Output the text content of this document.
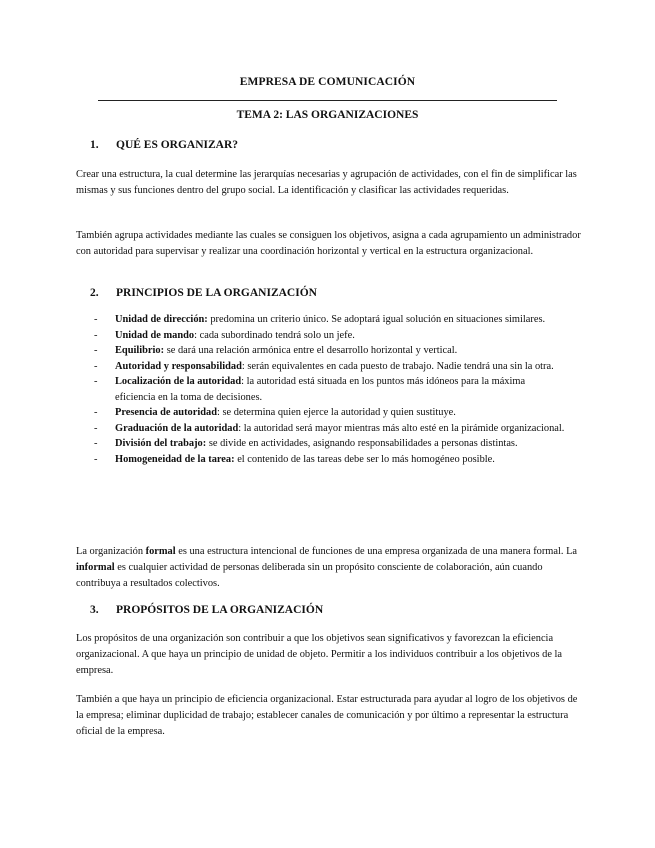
EMPRESA DE COMUNICACIÓN
TEMA 2: LAS ORGANIZACIONES
1. QUÉ ES ORGANIZAR?
Crear una estructura, la cual determine las jerarquías necesarias y agrupación de actividades, con el fin de simplificar las mismas y sus funciones dentro del grupo social. La identificación y clasificar las actividades requeridas.
También agrupa actividades mediante las cuales se consiguen los objetivos, asigna a cada agrupamiento un administrador con autoridad para supervisar y realizar una coordinación horizontal y vertical en la estructura organizacional.
2. PRINCIPIOS DE LA ORGANIZACIÓN
- Unidad de dirección: predomina un criterio único. Se adoptará igual solución en situaciones similares.
- Unidad de mando: cada subordinado tendrá solo un jefe.
- Equilibrio: se dará una relación armónica entre el desarrollo horizontal y vertical.
- Autoridad y responsabilidad: serán equivalentes en cada puesto de trabajo. Nadie tendrá una sin la otra.
- Localización de la autoridad: la autoridad está situada en los puntos más idóneos para la máxima
eficiencia en la toma de decisiones.
- Presencia de autoridad: se determina quien ejerce la autoridad y quien sustituye.
- Graduación de la autoridad: la autoridad será mayor mientras más alto esté en la pirámide organizacional.
- División del trabajo: se divide en actividades, asignando responsabilidades a personas distintas.
- Homogeneidad de la tarea: el contenido de las tareas debe ser lo más homogéneo posible.
La organización formal es una estructura intencional de funciones de una empresa organizada de una manera formal. La informal es cualquier actividad de personas deliberada sin un propósito consciente de colaboración, aún cuando contribuya a resultados colectivos.
3. PROPÓSITOS DE LA ORGANIZACIÓN
Los propósitos de una organización son contribuir a que los objetivos sean significativos y favorezcan la eficiencia organizacional. A que haya un principio de unidad de objeto. Permitir a los individuos contribuir a los objetivos de la empresa.
También a que haya un principio de eficiencia organizacional. Estar estructurada para ayudar al logro de los objetivos de la empresa; eliminar duplicidad de trabajo; establecer canales de comunicación y por último a representar la estructura oficial de la empresa.
